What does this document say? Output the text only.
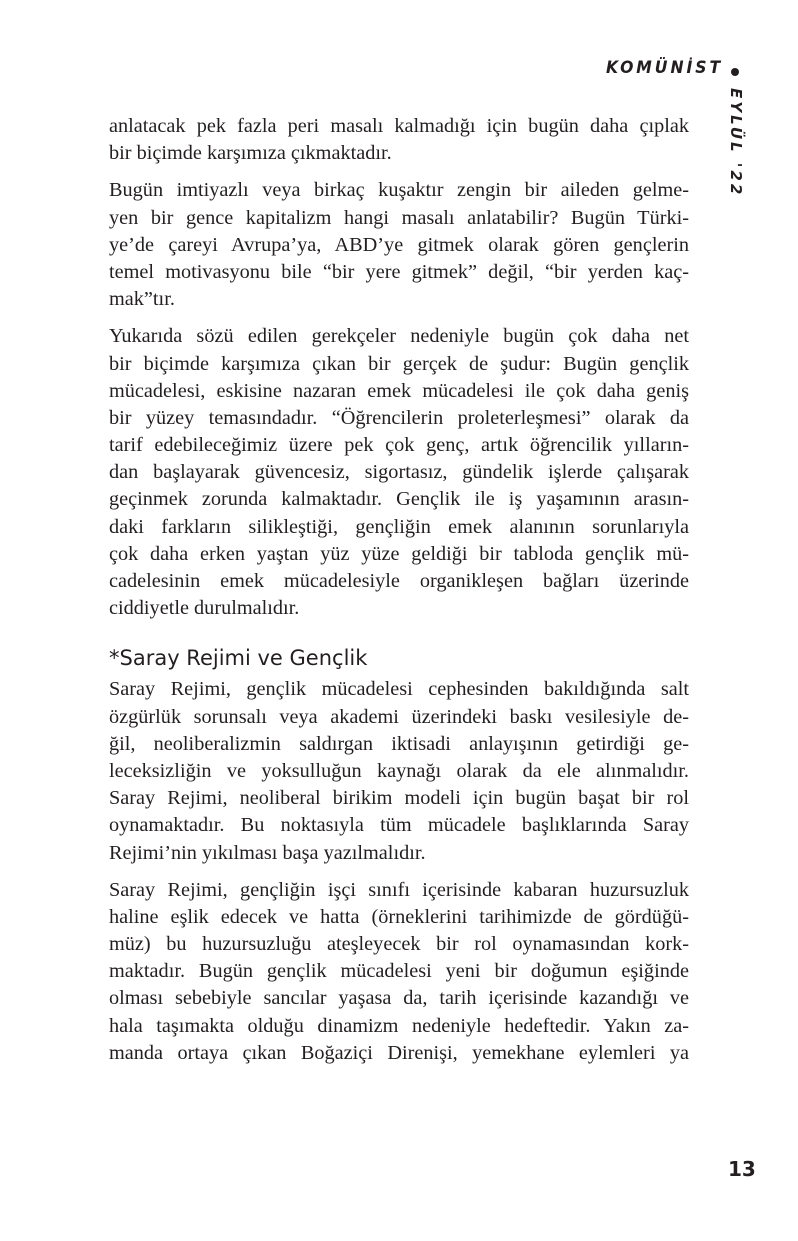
KOMÜNİST
EYLÜL '22
anlatacak pek fazla peri masalı kalmadığı için bugün daha çıplak
bir biçimde karşımıza çıkmaktadır.
Bugün imtiyazlı veya birkaç kuşaktır zengin bir aileden gelme-
yen bir gence kapitalizm hangi masalı anlatabilir? Bugün Türki-
ye’de çareyi Avrupa’ya, ABD’ye gitmek olarak gören gençlerin
temel motivasyonu bile “bir yere gitmek” değil, “bir yerden kaç-
mak”tır.
Yukarıda sözü edilen gerekçeler nedeniyle bugün çok daha net
bir biçimde karşımıza çıkan bir gerçek de şudur: Bugün gençlik
mücadelesi, eskisine nazaran emek mücadelesi ile çok daha geniş
bir yüzey temasındadır. “Öğrencilerin proleterleşmesi” olarak da
tarif edebileceğimiz üzere pek çok genç, artık öğrencilik yılların-
dan başlayarak güvencesiz, sigortasız, gündelik işlerde çalışarak
geçinmek zorunda kalmaktadır. Gençlik ile iş yaşamının arasın-
daki farkların silikleştiği, gençliğin emek alanının sorunlarıyla
çok daha erken yaştan yüz yüze geldiği bir tabloda gençlik mü-
cadelesinin emek mücadelesiyle organikleşen bağları üzerinde
ciddiyetle durulmalıdır.
*Saray Rejimi ve Gençlik
Saray Rejimi, gençlik mücadelesi cephesinden bakıldığında salt
özgürlük sorunsalı veya akademi üzerindeki baskı vesilesiyle de-
ğil, neoliberalizmin saldırgan iktisadi anlayışının getirdiği ge-
leceksizliğin ve yoksulluğun kaynağı olarak da ele alınmalıdır.
Saray Rejimi, neoliberal birikim modeli için bugün başat bir rol
oynamaktadır. Bu noktasıyla tüm mücadele başlıklarında Saray
Rejimi’nin yıkılması başa yazılmalıdır.
Saray Rejimi, gençliğin işçi sınıfı içerisinde kabaran huzursuzluk
haline eşlik edecek ve hatta (örneklerini tarihimizde de gördüğü-
müz) bu huzursuzluğu ateşleyecek bir rol oynamasından kork-
maktadır. Bugün gençlik mücadelesi yeni bir doğumun eşiğinde
olması sebebiyle sancılar yaşasa da, tarih içerisinde kazandığı ve
hala taşımakta olduğu dinamizm nedeniyle hedeftedir. Yakın za-
manda ortaya çıkan Boğaziçi Direnişi, yemekhane eylemleri ya
13
